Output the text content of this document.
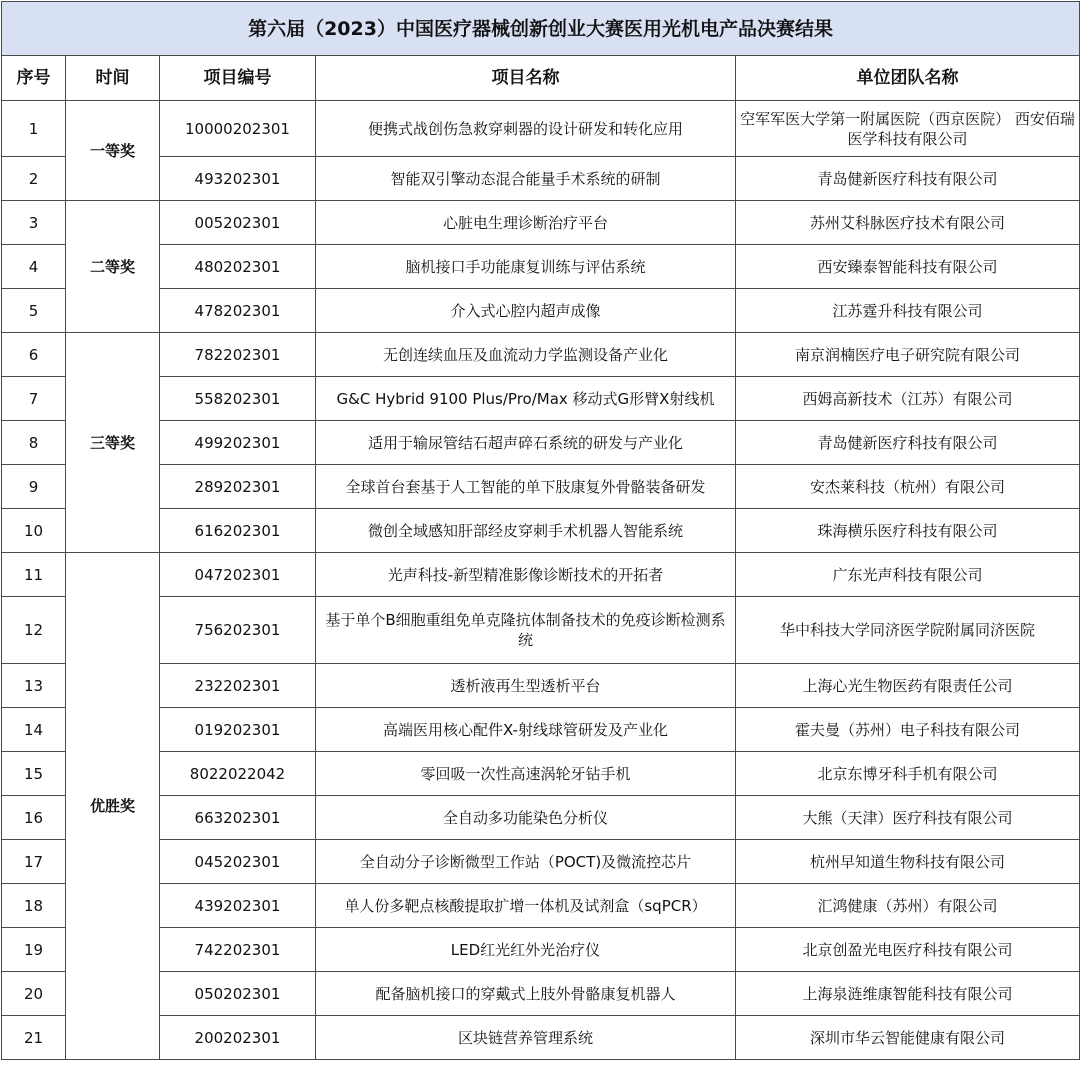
第六届（2023）中国医疗器械创新创业大赛医用光机电产品决赛结果				
序号	时间	项目编号	项目名称	单位团队名称
1	一等奖	10000202301	便携式战创伤急救穿刺器的设计研发和转化应用	空军军医大学第一附属医院（西京医院） 西安佰瑞医学科技有限公司
2		493202301	智能双引擎动态混合能量手术系统的研制	青岛健新医疗科技有限公司
3	二等奖	005202301	心脏电生理诊断治疗平台	苏州艾科脉医疗技术有限公司
4		480202301	脑机接口手功能康复训练与评估系统	西安臻泰智能科技有限公司
5		478202301	介入式心腔内超声成像	江苏霆升科技有限公司
6	三等奖	782202301	无创连续血压及血流动力学监测设备产业化	南京润楠医疗电子研究院有限公司
7		558202301	G&C Hybrid 9100 Plus/Pro/Max 移动式G形臂X射线机	西姆高新技术（江苏）有限公司
8		499202301	适用于输尿管结石超声碎石系统的研发与产业化	青岛健新医疗科技有限公司
9		289202301	全球首台套基于人工智能的单下肢康复外骨骼装备研发	安杰莱科技（杭州）有限公司
10		616202301	微创全域感知肝部经皮穿刺手术机器人智能系统	珠海横乐医疗科技有限公司
11	优胜奖	047202301	光声科技-新型精准影像诊断技术的开拓者	广东光声科技有限公司
12		756202301	基于单个B细胞重组免单克隆抗体制备技术的免疫诊断检测系统	华中科技大学同济医学院附属同济医院
13		232202301	透析液再生型透析平台	上海心光生物医药有限责任公司
14		019202301	高端医用核心配件X-射线球管研发及产业化	霍夫曼（苏州）电子科技有限公司
15		8022022042	零回吸一次性高速涡轮牙钻手机	北京东博牙科手机有限公司
16		663202301	全自动多功能染色分析仪	大熊（天津）医疗科技有限公司
17		045202301	全自动分子诊断微型工作站（POCT)及微流控芯片	杭州早知道生物科技有限公司
18		439202301	单人份多靶点核酸提取扩增一体机及试剂盒（sqPCR）	汇鸿健康（苏州）有限公司
19		742202301	LED红光红外光治疗仪	北京创盈光电医疗科技有限公司
20		050202301	配备脑机接口的穿戴式上肢外骨骼康复机器人	上海泉涟维康智能科技有限公司
21		200202301	区块链营养管理系统	深圳市华云智能健康有限公司
